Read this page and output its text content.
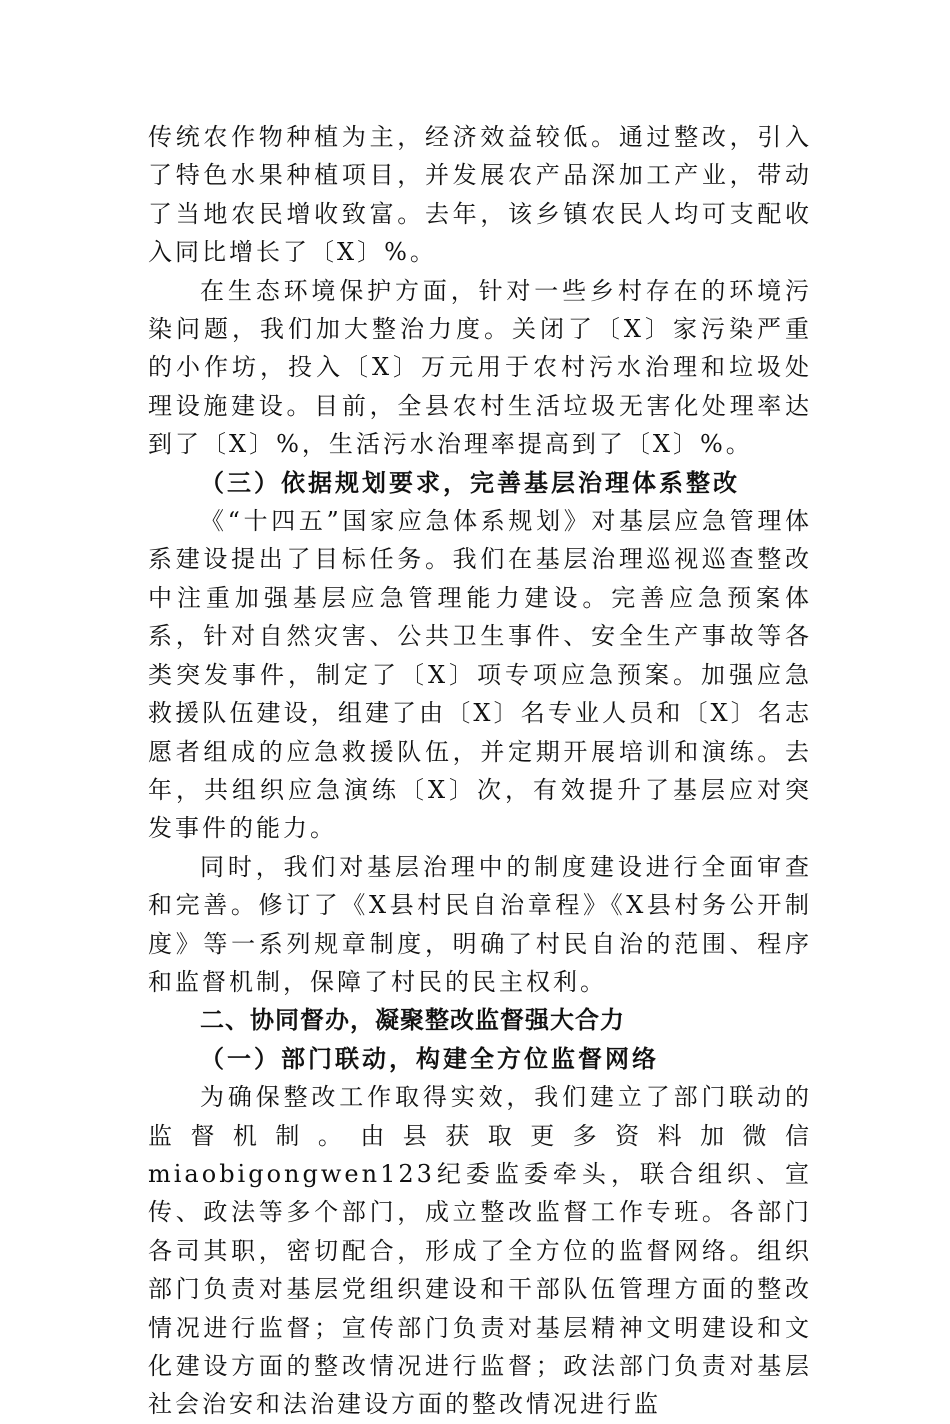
传统农作物种植为主，经济效益较低。通过整改，引入了特色水果种植项目，并发展农产品深加工产业，带动了当地农民增收致富。去年，该乡镇农民人均可支配收入同比增长了〔X〕%。

在生态环境保护方面，针对一些乡村存在的环境污染问题，我们加大整治力度。关闭了〔X〕家污染严重的小作坊，投入〔X〕万元用于农村污水治理和垃圾处理设施建设。目前，全县农村生活垃圾无害化处理率达到了〔X〕%，生活污水治理率提高到了〔X〕%。

（三）依据规划要求，完善基层治理体系整改

《“十四五”国家应急体系规划》对基层应急管理体系建设提出了目标任务。我们在基层治理巡视巡查整改中注重加强基层应急管理能力建设。完善应急预案体系，针对自然灾害、公共卫生事件、安全生产事故等各类突发事件，制定了〔X〕项专项应急预案。加强应急救援队伍建设，组建了由〔X〕名专业人员和〔X〕名志愿者组成的应急救援队伍，并定期开展培训和演练。去年，共组织应急演练〔X〕次，有效提升了基层应对突发事件的能力。

同时，我们对基层治理中的制度建设进行全面审查和完善。修订了《X县村民自治章程》《X县村务公开制度》等一系列规章制度，明确了村民自治的范围、程序和监督机制，保障了村民的民主权利。

二、协同督办，凝聚整改监督强大合力

（一）部门联动，构建全方位监督网络

为确保整改工作取得实效，我们建立了部门联动的监督机制。由县获取更多资料加微信miaobigongwen123纪委监委牵头，联合组织、宣传、政法等多个部门，成立整改监督工作专班。各部门各司其职，密切配合，形成了全方位的监督网络。组织部门负责对基层党组织建设和干部队伍管理方面的整改情况进行监督；宣传部门负责对基层精神文明建设和文化建设方面的整改情况进行监督；政法部门负责对基层社会治安和法治建设方面的整改情况进行监
